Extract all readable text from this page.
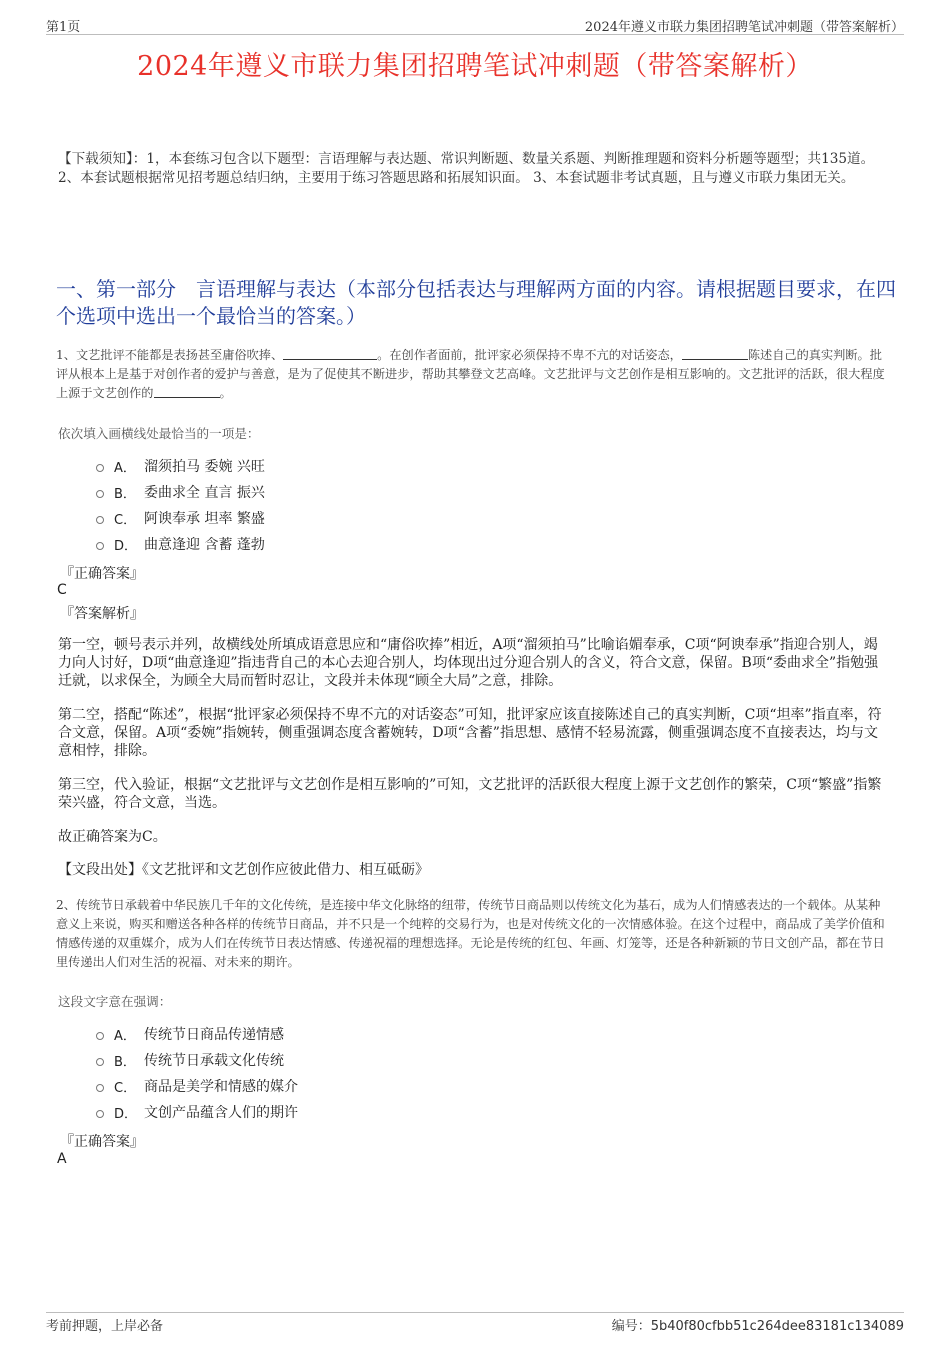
第1页	2024年遵义市联力集团招聘笔试冲刺题（带答案解析）
2024年遵义市联力集团招聘笔试冲刺题（带答案解析）
【下载须知】：1，本套练习包含以下题型：言语理解与表达题、常识判断题、数量关系题、判断推理题和资料分析题等题型；共135道。 2、本套试题根据常见招考题总结归纳，主要用于练习答题思路和拓展知识面。 3、本套试题非考试真题，且与遵义市联力集团无关。
一、第一部分　言语理解与表达（本部分包括表达与理解两方面的内容。请根据题目要求，在四个选项中选出一个最恰当的答案。）
1、文艺批评不能都是表扬甚至庸俗吹捧、	。在创作者面前，批评家必须保持不卑不亢的对话姿态，	陈述自己的真实判断。批评从根本上是基于对创作者的爱护与善意，是为了促使其不断进步，帮助其攀登文艺高峰。文艺批评与文艺创作是相互影响的。文艺批评的活跃，很大程度上源于文艺创作的	。
依次填入画横线处最恰当的一项是：
A． 溜须拍马 委婉 兴旺
B． 委曲求全 直言 振兴
C． 阿谀奉承 坦率 繁盛
D． 曲意逢迎 含蓄 蓬勃
『正确答案』
C
『答案解析』
第一空，顿号表示并列，故横线处所填成语意思应和“庸俗吹捧”相近，A项“溜须拍马”比喻谄媚奉承，C项“阿谀奉承”指迎合别人，竭力向人讨好，D项“曲意逢迎”指违背自己的本心去迎合别人，均体现出过分迎合别人的含义，符合文意，保留。B项“委曲求全”指勉强迁就，以求保全，为顾全大局而暂时忍让，文段并未体现“顾全大局”之意，排除。
第二空，搭配“陈述”，根据“批评家必须保持不卑不亢的对话姿态”可知，批评家应该直接陈述自己的真实判断，C项“坦率”指直率，符合文意，保留。A项“委婉”指婉转，侧重强调态度含蓄婉转，D项“含蓄”指思想、感情不轻易流露，侧重强调态度不直接表达，均与文意相悖，排除。
第三空，代入验证，根据“文艺批评与文艺创作是相互影响的”可知，文艺批评的活跃很大程度上源于文艺创作的繁荣，C项“繁盛”指繁荣兴盛，符合文意，当选。
故正确答案为C。
【文段出处】《文艺批评和文艺创作应彼此借力、相互砥砺》
2、传统节日承载着中华民族几千年的文化传统，是连接中华文化脉络的纽带，传统节日商品则以传统文化为基石，成为人们情感表达的一个载体。从某种意义上来说，购买和赠送各种各样的传统节日商品，并不只是一个纯粹的交易行为，也是对传统文化的一次情感体验。在这个过程中，商品成了美学价值和情感传递的双重媒介，成为人们在传统节日表达情感、传递祝福的理想选择。无论是传统的红包、年画、灯笼等，还是各种新颖的节日文创产品，都在节日里传递出人们对生活的祝福、对未来的期许。
这段文字意在强调：
A． 传统节日商品传递情感
B． 传统节日承载文化传统
C． 商品是美学和情感的媒介
D． 文创产品蕴含人们的期许
『正确答案』
A
考前押题，上岸必备	编号：5b40f80cfbb51c264dee83181c134089
